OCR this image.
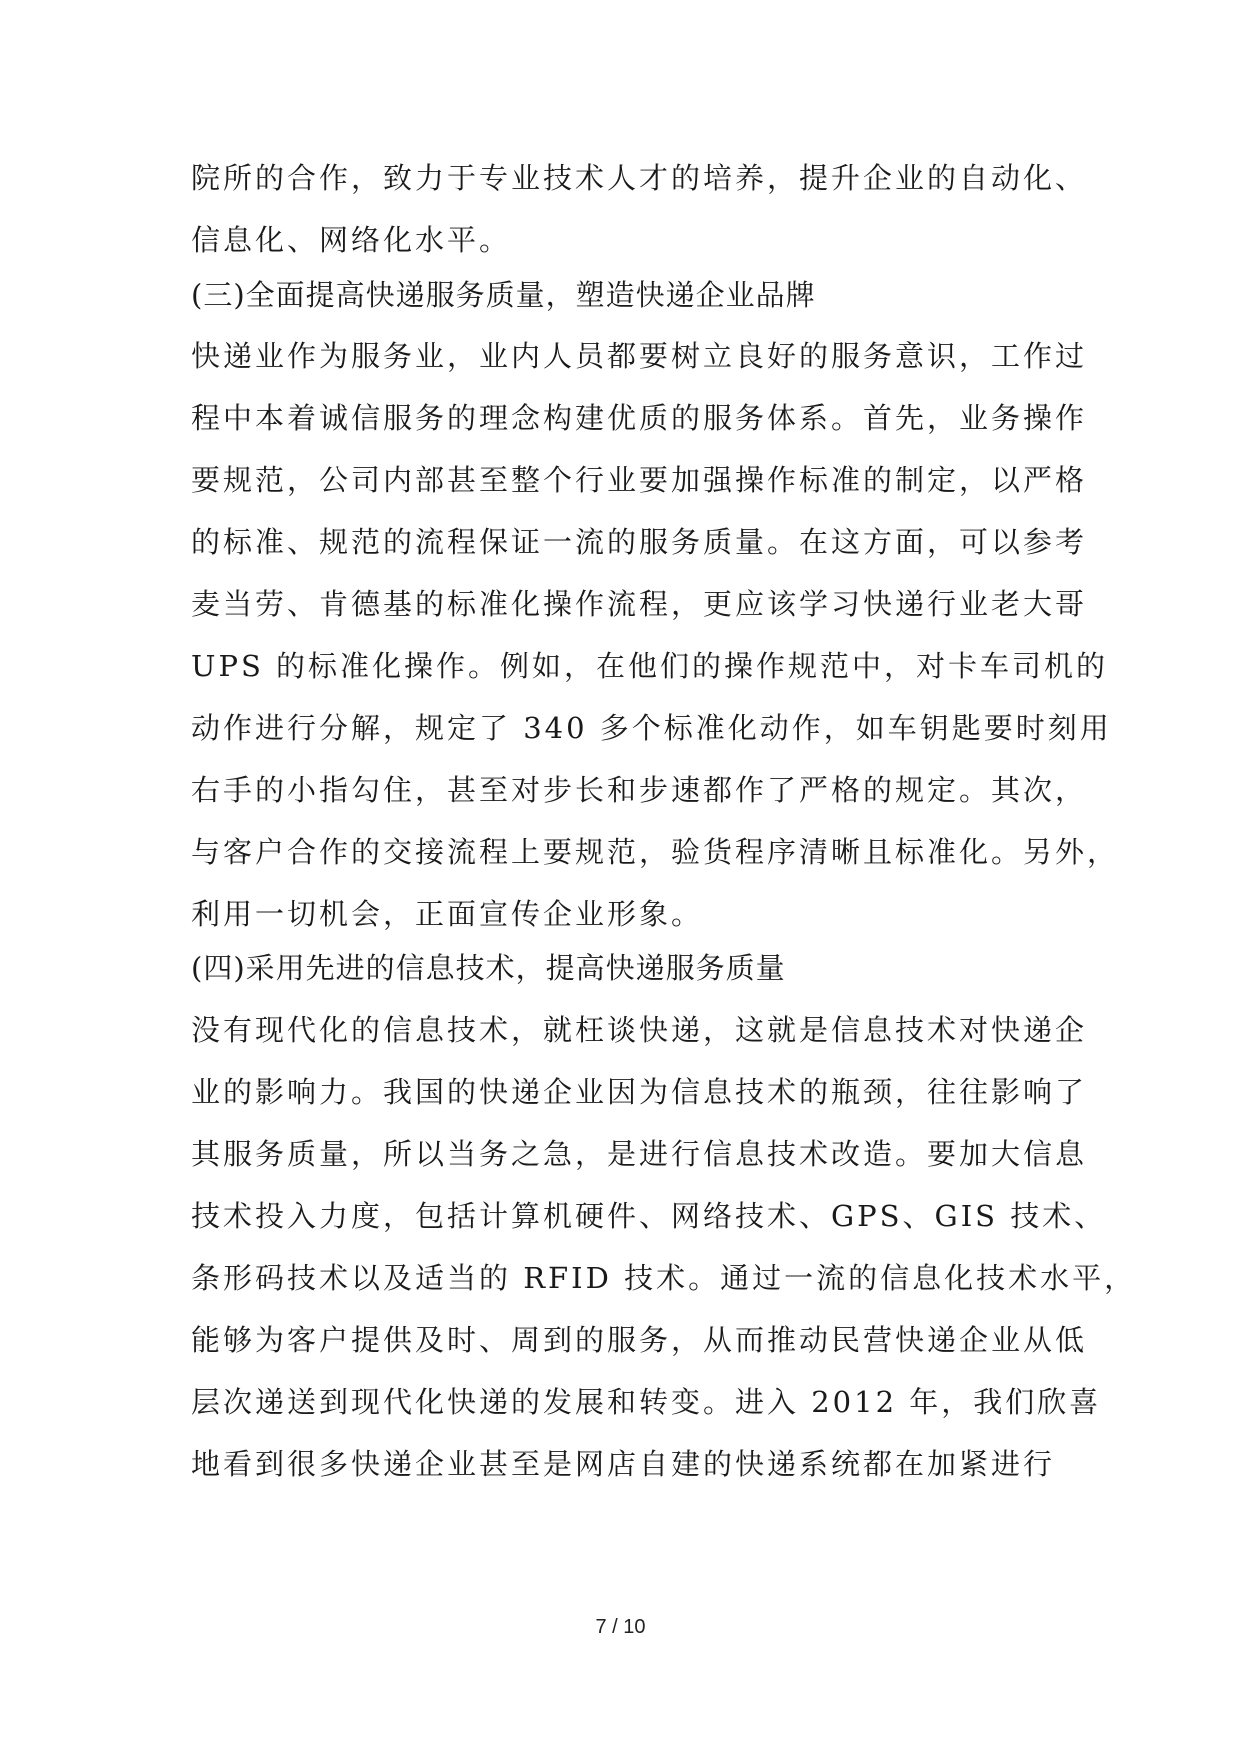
院所的合作，致力于专业技术人才的培养，提升企业的自动化、
信息化、网络化水平。
(三)全面提高快递服务质量，塑造快递企业品牌
快递业作为服务业，业内人员都要树立良好的服务意识，工作过
程中本着诚信服务的理念构建优质的服务体系。首先，业务操作
要规范，公司内部甚至整个行业要加强操作标准的制定，以严格
的标准、规范的流程保证一流的服务质量。在这方面，可以参考
麦当劳、肯德基的标准化操作流程，更应该学习快递行业老大哥
UPS 的标准化操作。例如，在他们的操作规范中，对卡车司机的
动作进行分解，规定了 340 多个标准化动作，如车钥匙要时刻用
右手的小指勾住，甚至对步长和步速都作了严格的规定。其次，
与客户合作的交接流程上要规范，验货程序清晰且标准化。另外，
利用一切机会，正面宣传企业形象。
(四)采用先进的信息技术，提高快递服务质量
没有现代化的信息技术，就枉谈快递，这就是信息技术对快递企
业的影响力。我国的快递企业因为信息技术的瓶颈，往往影响了
其服务质量，所以当务之急，是进行信息技术改造。要加大信息
技术投入力度，包括计算机硬件、网络技术、GPS、GIS 技术、
条形码技术以及适当的 RFID 技术。通过一流的信息化技术水平，
能够为客户提供及时、周到的服务，从而推动民营快递企业从低
层次递送到现代化快递的发展和转变。进入 2012 年，我们欣喜
地看到很多快递企业甚至是网店自建的快递系统都在加紧进行
7 / 10
